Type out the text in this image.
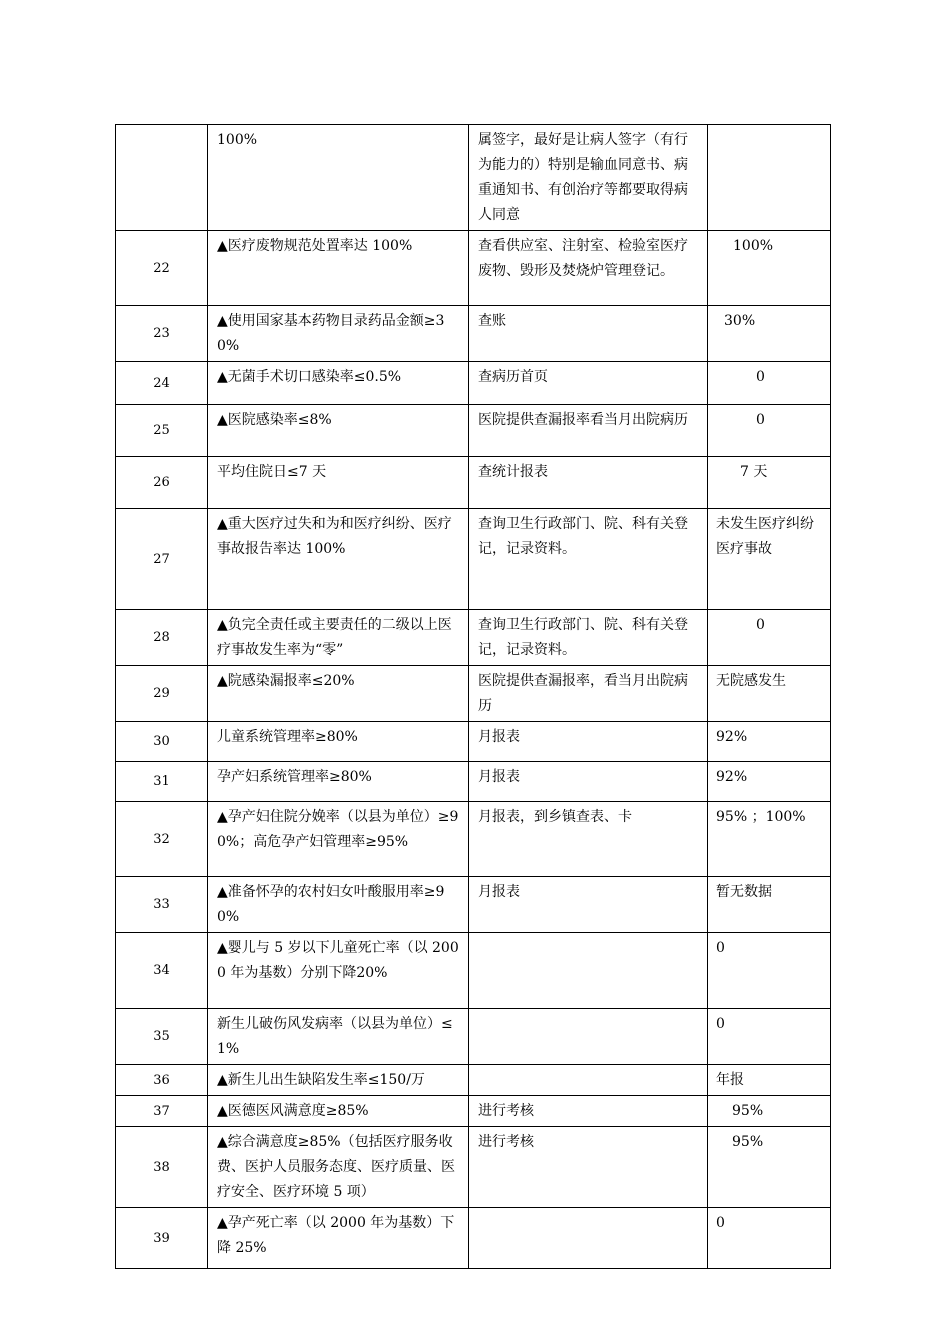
	100%	属签字，最好是让病人签字（有行为能力的）特别是输血同意书、病重通知书、有创治疗等都要取得病人同意	
22	▲医疗废物规范处置率达 100%	查看供应室、注射室、检验室医疗废物、毁形及焚烧炉管理登记。	100%
23	▲使用国家基本药物目录药品金额≥30%	查账	30%
24	▲无菌手术切口感染率≤0.5%	查病历首页	0
25	▲医院感染率≤8%	医院提供查漏报率看当月出院病历	0
26	平均住院日≤7 天	查统计报表	7 天
27	▲重大医疗过失和为和医疗纠纷、医疗事故报告率达 100%	查询卫生行政部门、院、科有关登记，记录资料。	未发生医疗纠纷医疗事故
28	▲负完全责任或主要责任的二级以上医疗事故发生率为“零”	查询卫生行政部门、院、科有关登记，记录资料。	0
29	▲院感染漏报率≤20%	医院提供查漏报率，看当月出院病历	无院感发生
30	儿童系统管理率≥80%	月报表	92%
31	孕产妇系统管理率≥80%	月报表	92%
32	▲孕产妇住院分娩率（以县为单位）≥90%；高危孕产妇管理率≥95%	月报表，到乡镇查表、卡	95% ；100%
33	▲准备怀孕的农村妇女叶酸服用率≥90%	月报表	暂无数据
34	▲婴儿与 5 岁以下儿童死亡率（以 2000 年为基数）分别下降20%		0
35	新生儿破伤风发病率（以县为单位）≤1%		0
36	▲新生儿出生缺陷发生率≤150/万		年报
37	▲医德医风满意度≥85%	进行考核	95%
38	▲综合满意度≥85%（包括医疗服务收费、医护人员服务态度、医疗质量、医疗安全、医疗环境 5 项）	进行考核	95%
39	▲孕产死亡率（以 2000 年为基数）下降 25%		0
